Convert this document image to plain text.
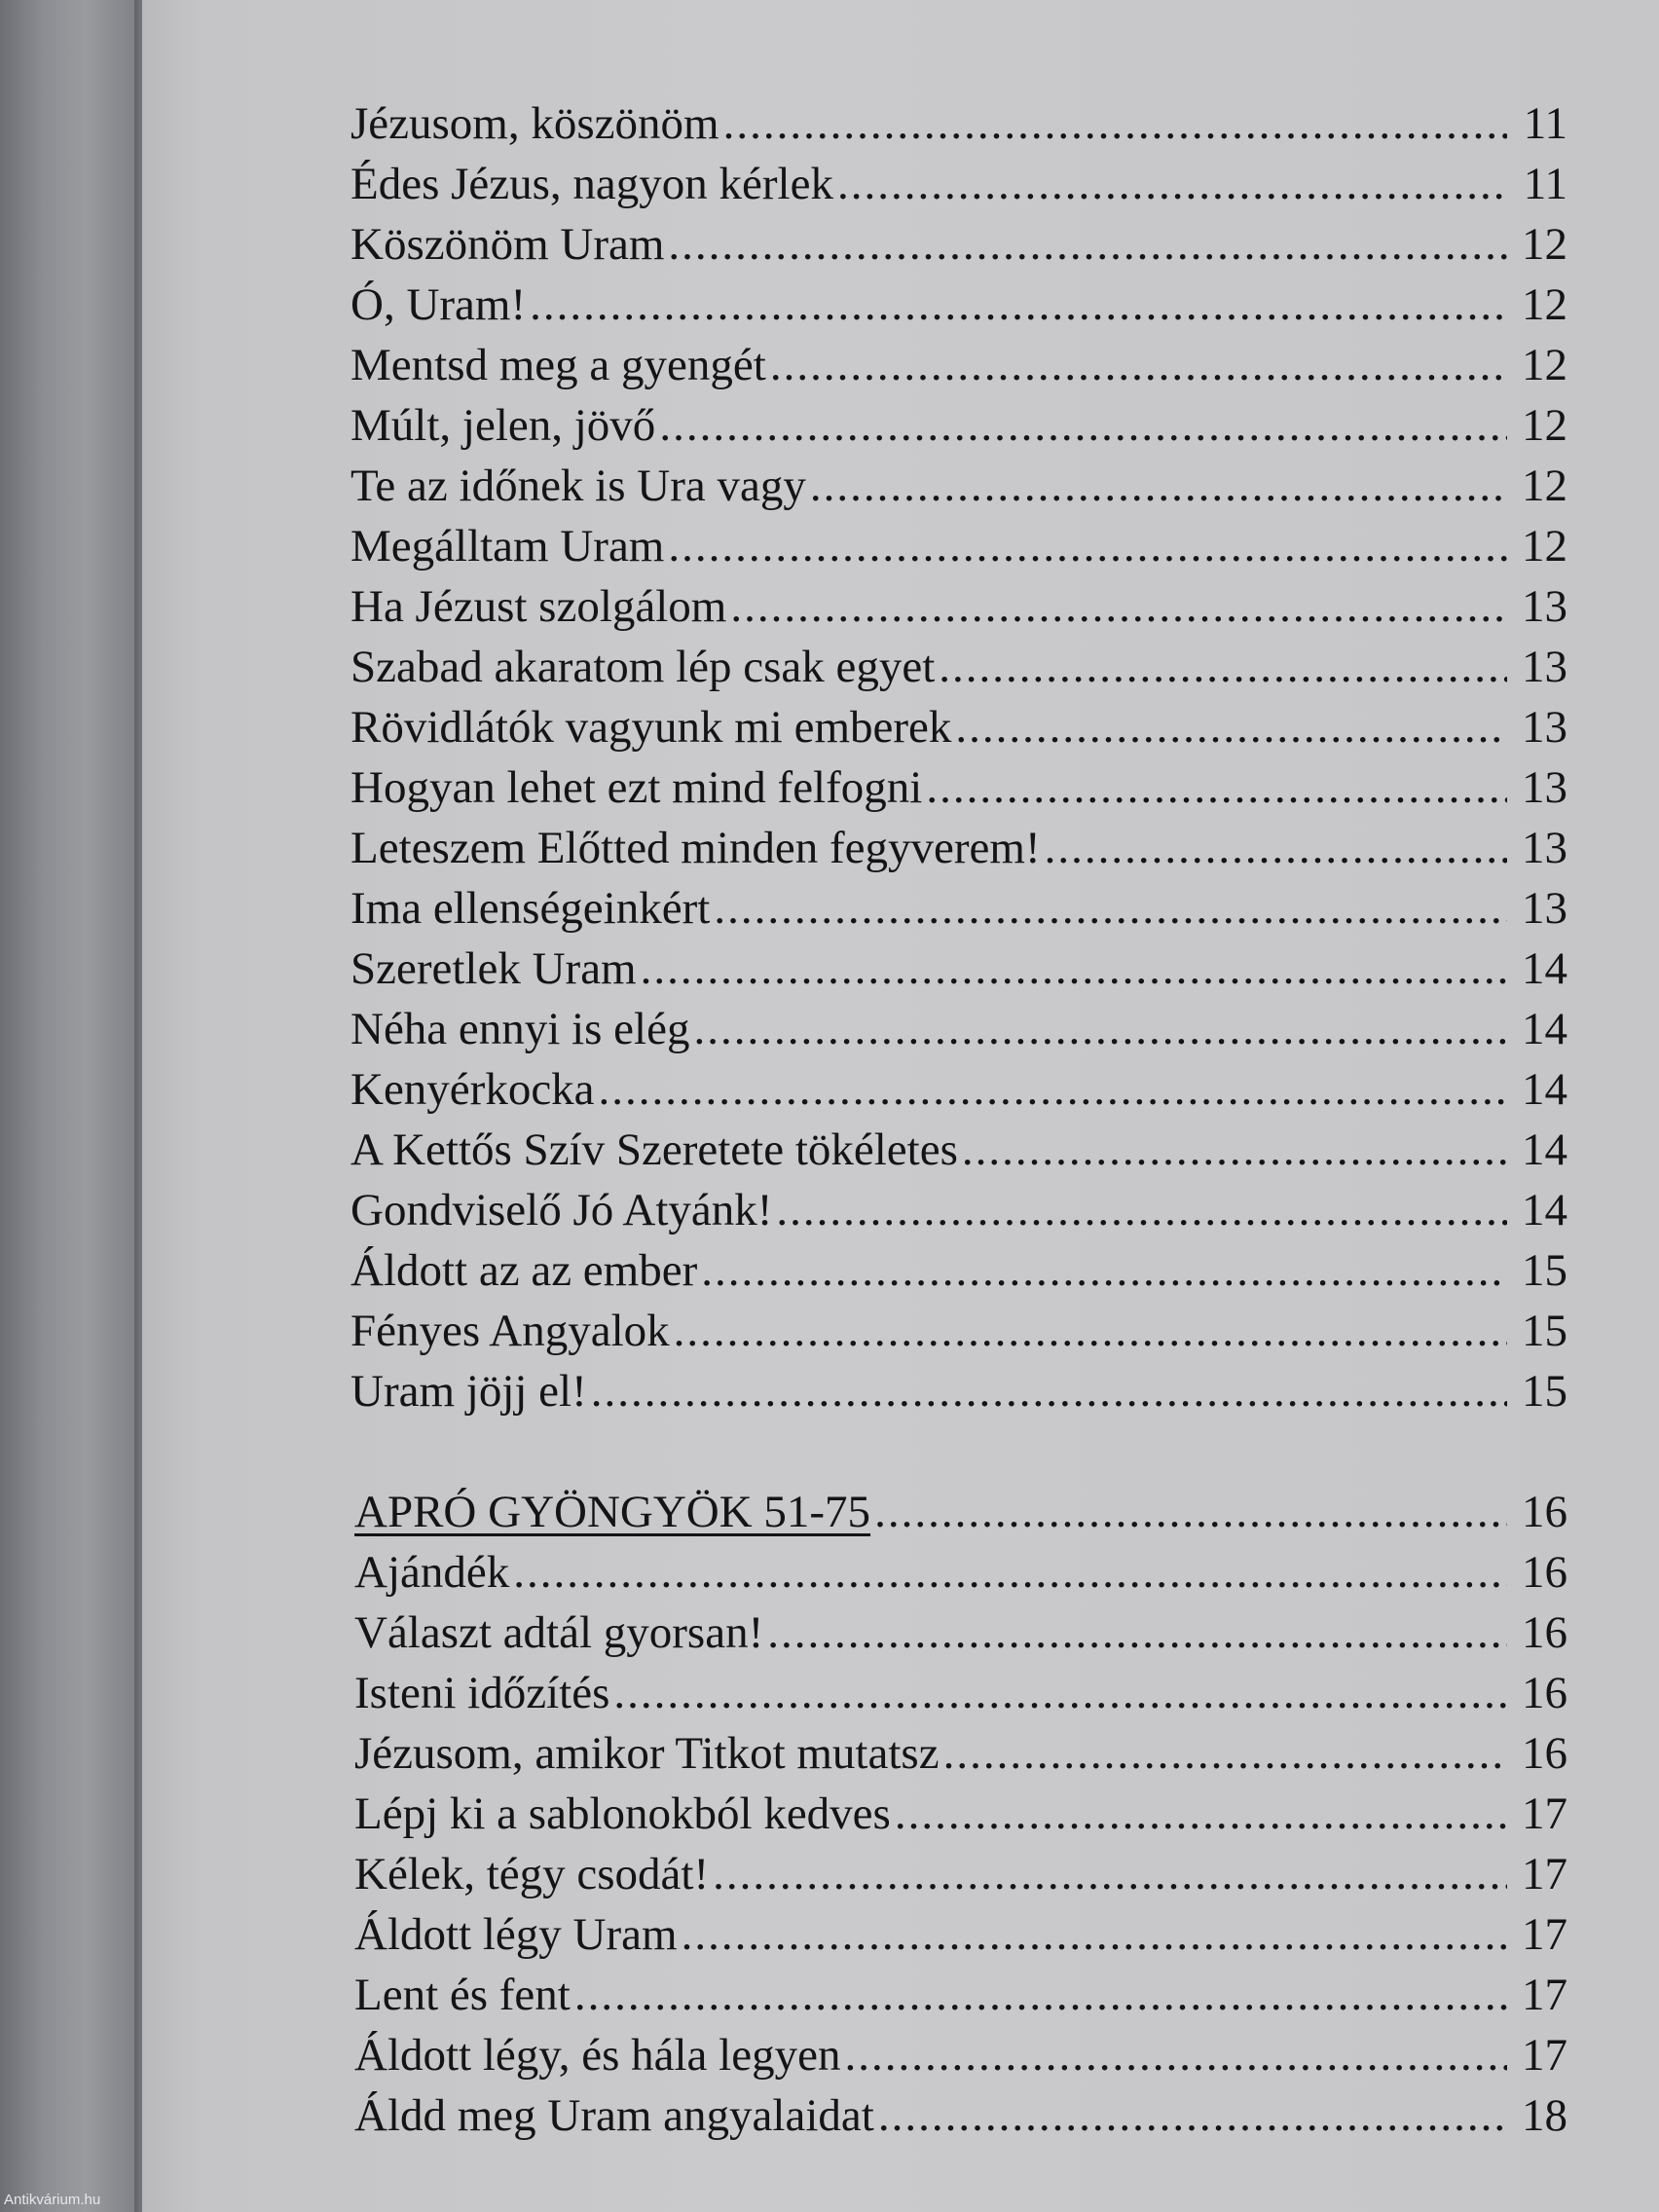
Jézusom, köszönöm .....	11
Édes Jézus, nagyon kérlek .....	11
Köszönöm Uram .....	12
Ó, Uram! .....	12
Mentsd meg a gyengét .....	12
Múlt, jelen, jövő .....	12
Te az időnek is Ura vagy .....	12
Megálltam Uram .....	12
Ha Jézust szolgálom .....	13
Szabad akaratom lép csak egyet .....	13
Rövidlátók vagyunk mi emberek .....	13
Hogyan lehet ezt mind felfogni .....	13
Leteszem Előtted minden fegyverem! .....	13
Ima ellenségeinkért .....	13
Szeretlek Uram .....	14
Néha ennyi is elég .....	14
Kenyérkocka .....	14
A Kettős Szív Szeretete tökéletes .....	14
Gondviselő Jó Atyánk! .....	14
Áldott az az ember .....	15
Fényes Angyalok .....	15
Uram jöjj el! .....	15
APRÓ GYÖNGYÖK 51-75 .....	16
Ajándék .....	16
Választ adtál gyorsan! .....	16
Isteni időzítés .....	16
Jézusom, amikor Titkot mutatsz .....	16
Lépj ki a sablonokból kedves .....	17
Kélek, tégy csodát! .....	17
Áldott légy Uram .....	17
Lent és fent .....	17
Áldott légy, és hála legyen .....	17
Áldd meg Uram angyalaidat .....	18
Antikvárium.hu
